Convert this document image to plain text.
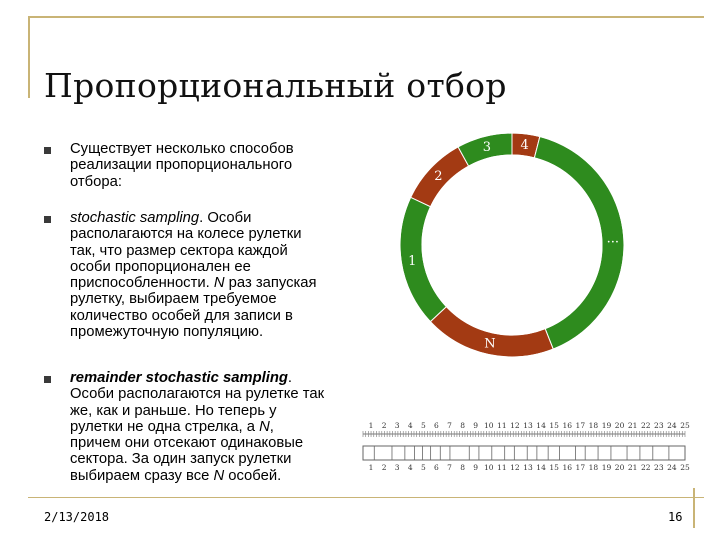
Пропорциональный отбор
Существует несколько способов
реализации пропорционального
отбора:
stochastic sampling. Особи
располагаются на колесе рулетки
так, что размер сектора каждой
особи пропорционален ее
приспособленности. N раз запуская
рулетку, выбираем требуемое
количество особей для записи в
промежуточную популяцию.
remainder stochastic sampling.
Особи располагаются на рулетке так
же, как и раньше. Но теперь у
рулетки не одна стрелка, а N,
причем они отсекают одинаковые
сектора. За один запуск рулетки
выбираем сразу все N особей.
4
...
N
1
2
3
1 2 3 4 5 6 7 8 9 10 11 12 13 14 15 16 17 18 19 20 21 22 23 24 25
1 2 3 4 5 6 7 8 9 10 11 12 13 14 15 16 17 18 19 20 21 22 23 24 25
2/13/2018	16
